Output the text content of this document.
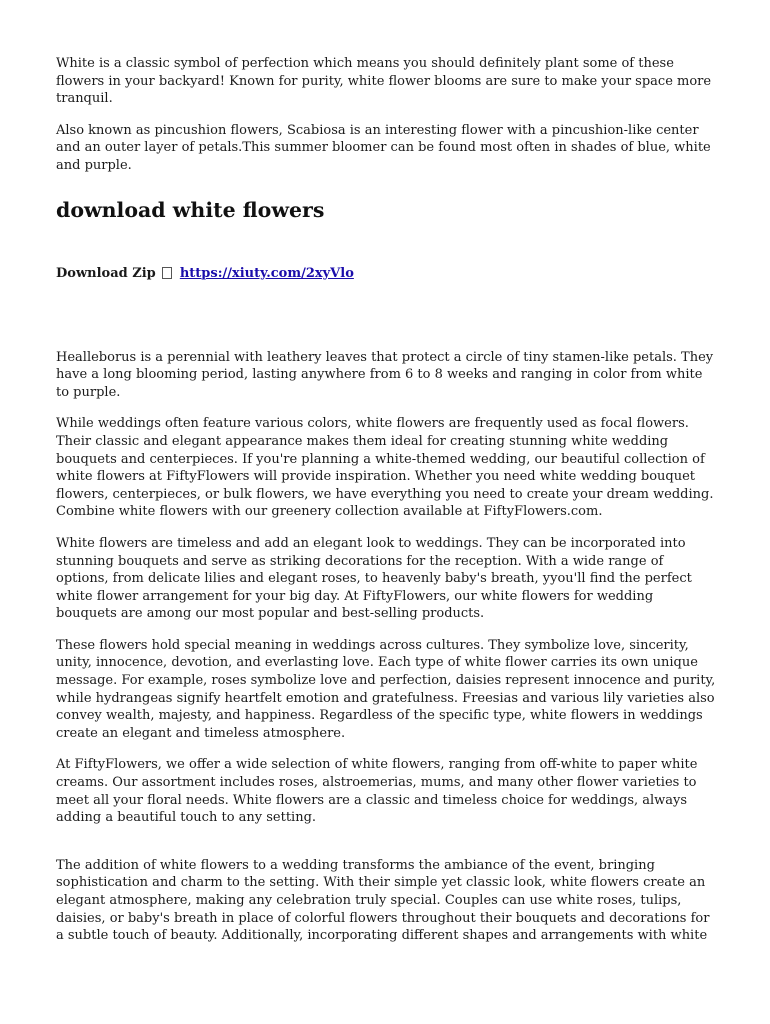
White is a classic symbol of perfection which means you should definitely plant some of these flowers in your backyard! Known for purity, white flower blooms are sure to make your space more tranquil.

Also known as pincushion flowers, Scabiosa is an interesting flower with a pincushion-like center and an outer layer of petals.This summer bloomer can be found most often in shades of blue, white and purple.

download white flowers
Download Zip https://xiuty.com/2xyVlo

Healleborus is a perennial with leathery leaves that protect a circle of tiny stamen-like petals. They have a long blooming period, lasting anywhere from 6 to 8 weeks and ranging in color from white to purple.

While weddings often feature various colors, white flowers are frequently used as focal flowers. Their classic and elegant appearance makes them ideal for creating stunning white wedding bouquets and centerpieces. If you're planning a white-themed wedding, our beautiful collection of white flowers at FiftyFlowers will provide inspiration. Whether you need white wedding bouquet flowers, centerpieces, or bulk flowers, we have everything you need to create your dream wedding. Combine white flowers with our greenery collection available at FiftyFlowers.com.

White flowers are timeless and add an elegant look to weddings. They can be incorporated into stunning bouquets and serve as striking decorations for the reception. With a wide range of options, from delicate lilies and elegant roses, to heavenly baby's breath, yyou'll find the perfect white flower arrangement for your big day. At FiftyFlowers, our white flowers for wedding bouquets are among our most popular and best-selling products.

These flowers hold special meaning in weddings across cultures. They symbolize love, sincerity, unity, innocence, devotion, and everlasting love. Each type of white flower carries its own unique message. For example, roses symbolize love and perfection, daisies represent innocence and purity, while hydrangeas signify heartfelt emotion and gratefulness. Freesias and various lily varieties also convey wealth, majesty, and happiness. Regardless of the specific type, white flowers in weddings create an elegant and timeless atmosphere.

At FiftyFlowers, we offer a wide selection of white flowers, ranging from off-white to paper white creams. Our assortment includes roses, alstroemerias, mums, and many other flower varieties to meet all your floral needs. White flowers are a classic and timeless choice for weddings, always adding a beautiful touch to any setting.

The addition of white flowers to a wedding transforms the ambiance of the event, bringing sophistication and charm to the setting. With their simple yet classic look, white flowers create an elegant atmosphere, making any celebration truly special. Couples can use white roses, tulips, daisies, or baby's breath in place of colorful flowers throughout their bouquets and decorations for a subtle touch of beauty. Additionally, incorporating different shapes and arrangements with white
